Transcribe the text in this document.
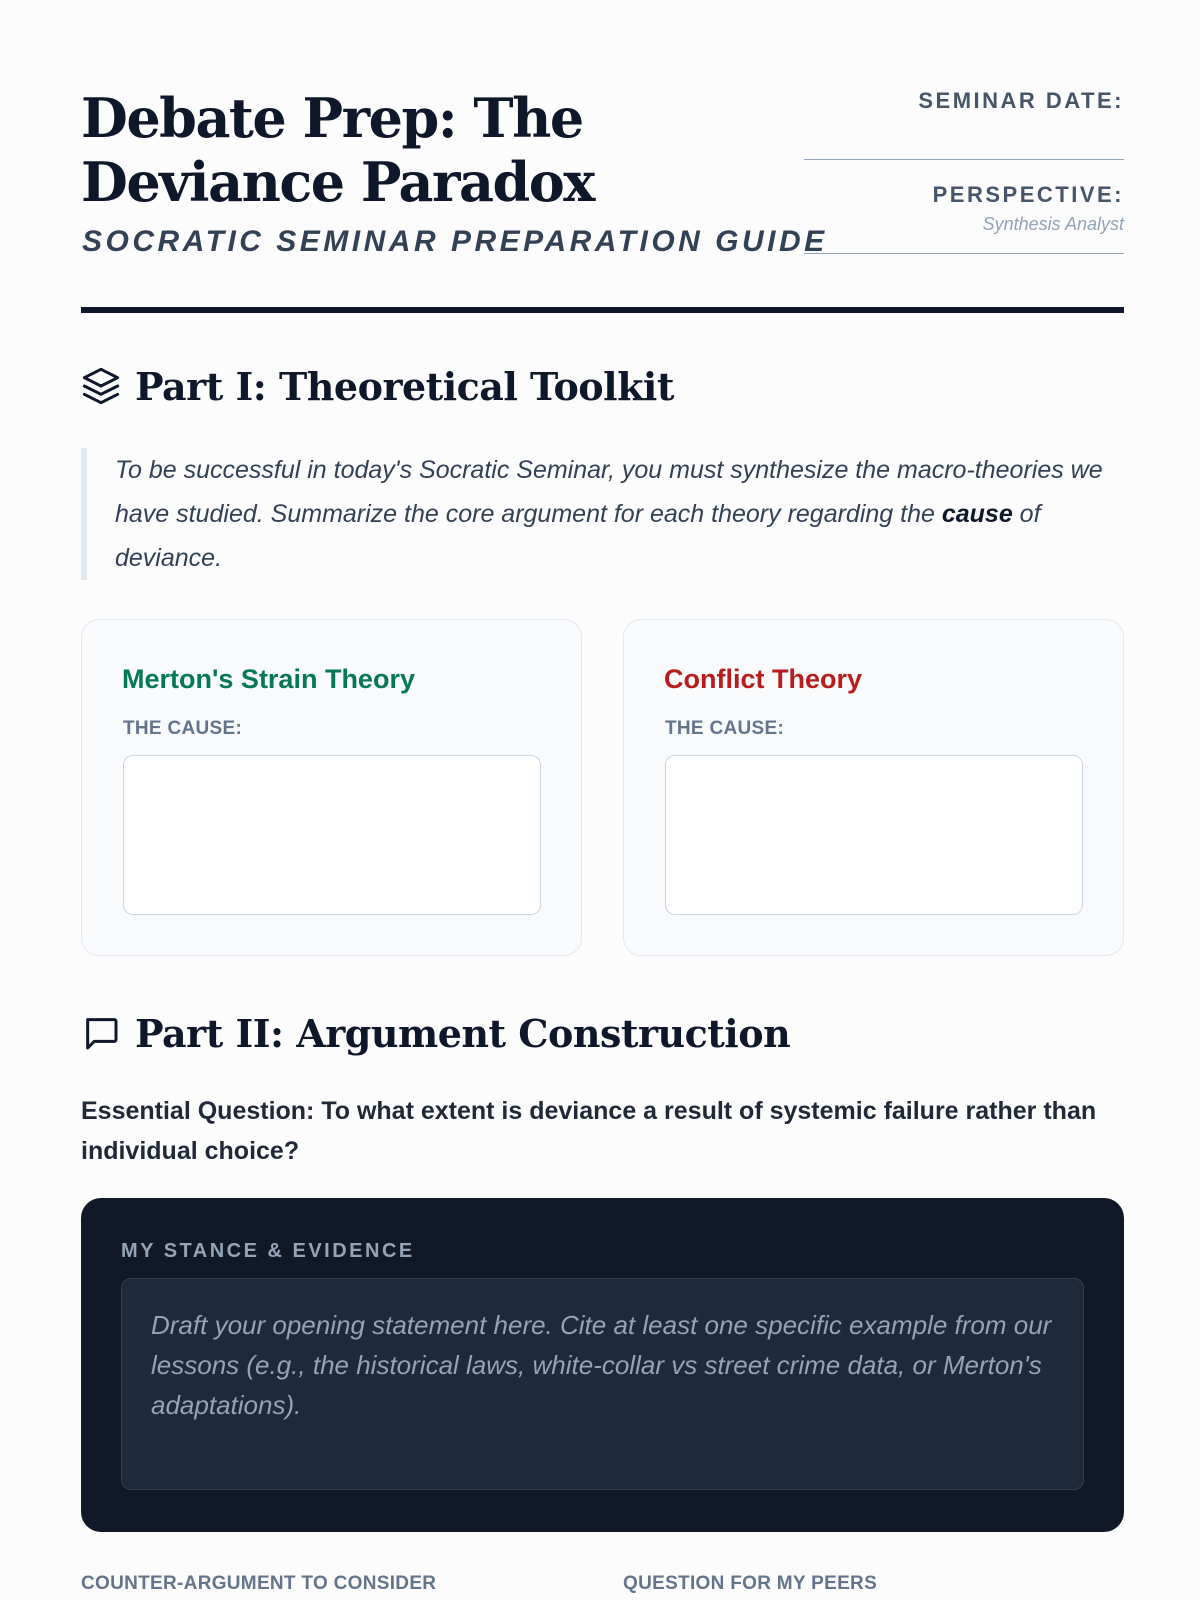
Debate Prep: The Deviance Paradox
SOCRATIC SEMINAR PREPARATION GUIDE
SEMINAR DATE:
PERSPECTIVE:
Synthesis Analyst
Part I: Theoretical Toolkit

To be successful in today's Socratic Seminar, you must synthesize the macro-theories we have studied. Summarize the core argument for each theory regarding the cause of deviance.

Merton's Strain Theory
THE CAUSE:
Conflict Theory
THE CAUSE:
Part II: Argument Construction

Essential Question: To what extent is deviance a result of systemic failure rather than individual choice?

MY STANCE & EVIDENCE
Draft your opening statement here. Cite at least one specific example from our lessons (e.g., the historical laws, white-collar vs street crime data, or Merton's adaptations).
COUNTER-ARGUMENT TO CONSIDER	QUESTION FOR MY PEERS
